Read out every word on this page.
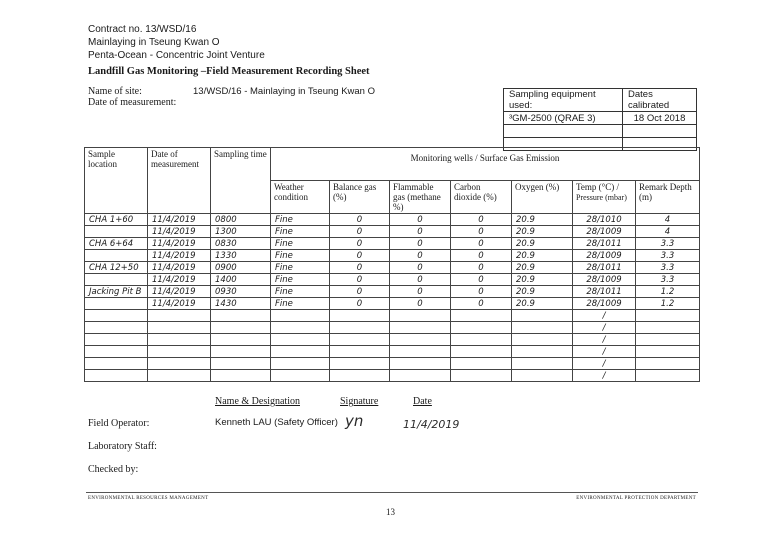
Contract no. 13/WSD/16
Mainlaying in Tseung Kwan O
Penta-Ocean - Concentric Joint Venture
Landfill Gas Monitoring –Field Measurement Recording Sheet
Name of site:	13/WSD/16 - Mainlaying in Tseung Kwan O
Date of measurement:
Sampling equipment used:	Dates calibrated
³GM-2500 (QRAE 3)	18 Oct 2018

Sample location	Date of measurement	Sampling time	Monitoring wells / Surface Gas Emission						
			Weather condition	Balance gas (%)	Flammable gas (methane %)	Carbon dioxide (%)	Oxygen (%)	Temp (°C) /
Pressure (mbar)	Remark Depth (m)
CHA 1+60	11/4/2019	0800	Fine	0	0	0	20.9	28/1010	4
	11/4/2019	1300	Fine	0	0	0	20.9	28/1009	4
CHA 6+64	11/4/2019	0830	Fine	0	0	0	20.9	28/1011	3.3
	11/4/2019	1330	Fine	0	0	0	20.9	28/1009	3.3
CHA 12+50	11/4/2019	0900	Fine	0	0	0	20.9	28/1011	3.3
	11/4/2019	1400	Fine	0	0	0	20.9	28/1009	3.3
Jacking Pit B	11/4/2019	0930	Fine	0	0	0	20.9	28/1011	1.2
	11/4/2019	1430	Fine	0	0	0	20.9	28/1009	1.2
								/	
								/	
								/	
								/	
								/	
								/	
Name & Designation	Signature	Date
Field Operator:	Kenneth LAU (Safety Officer) yn	11/4/2019
Laboratory Staff:
Checked by:
ENVIRONMENTAL RESOURCES MANAGEMENT	ENVIRONMENTAL PROTECTION DEPARTMENT
13
